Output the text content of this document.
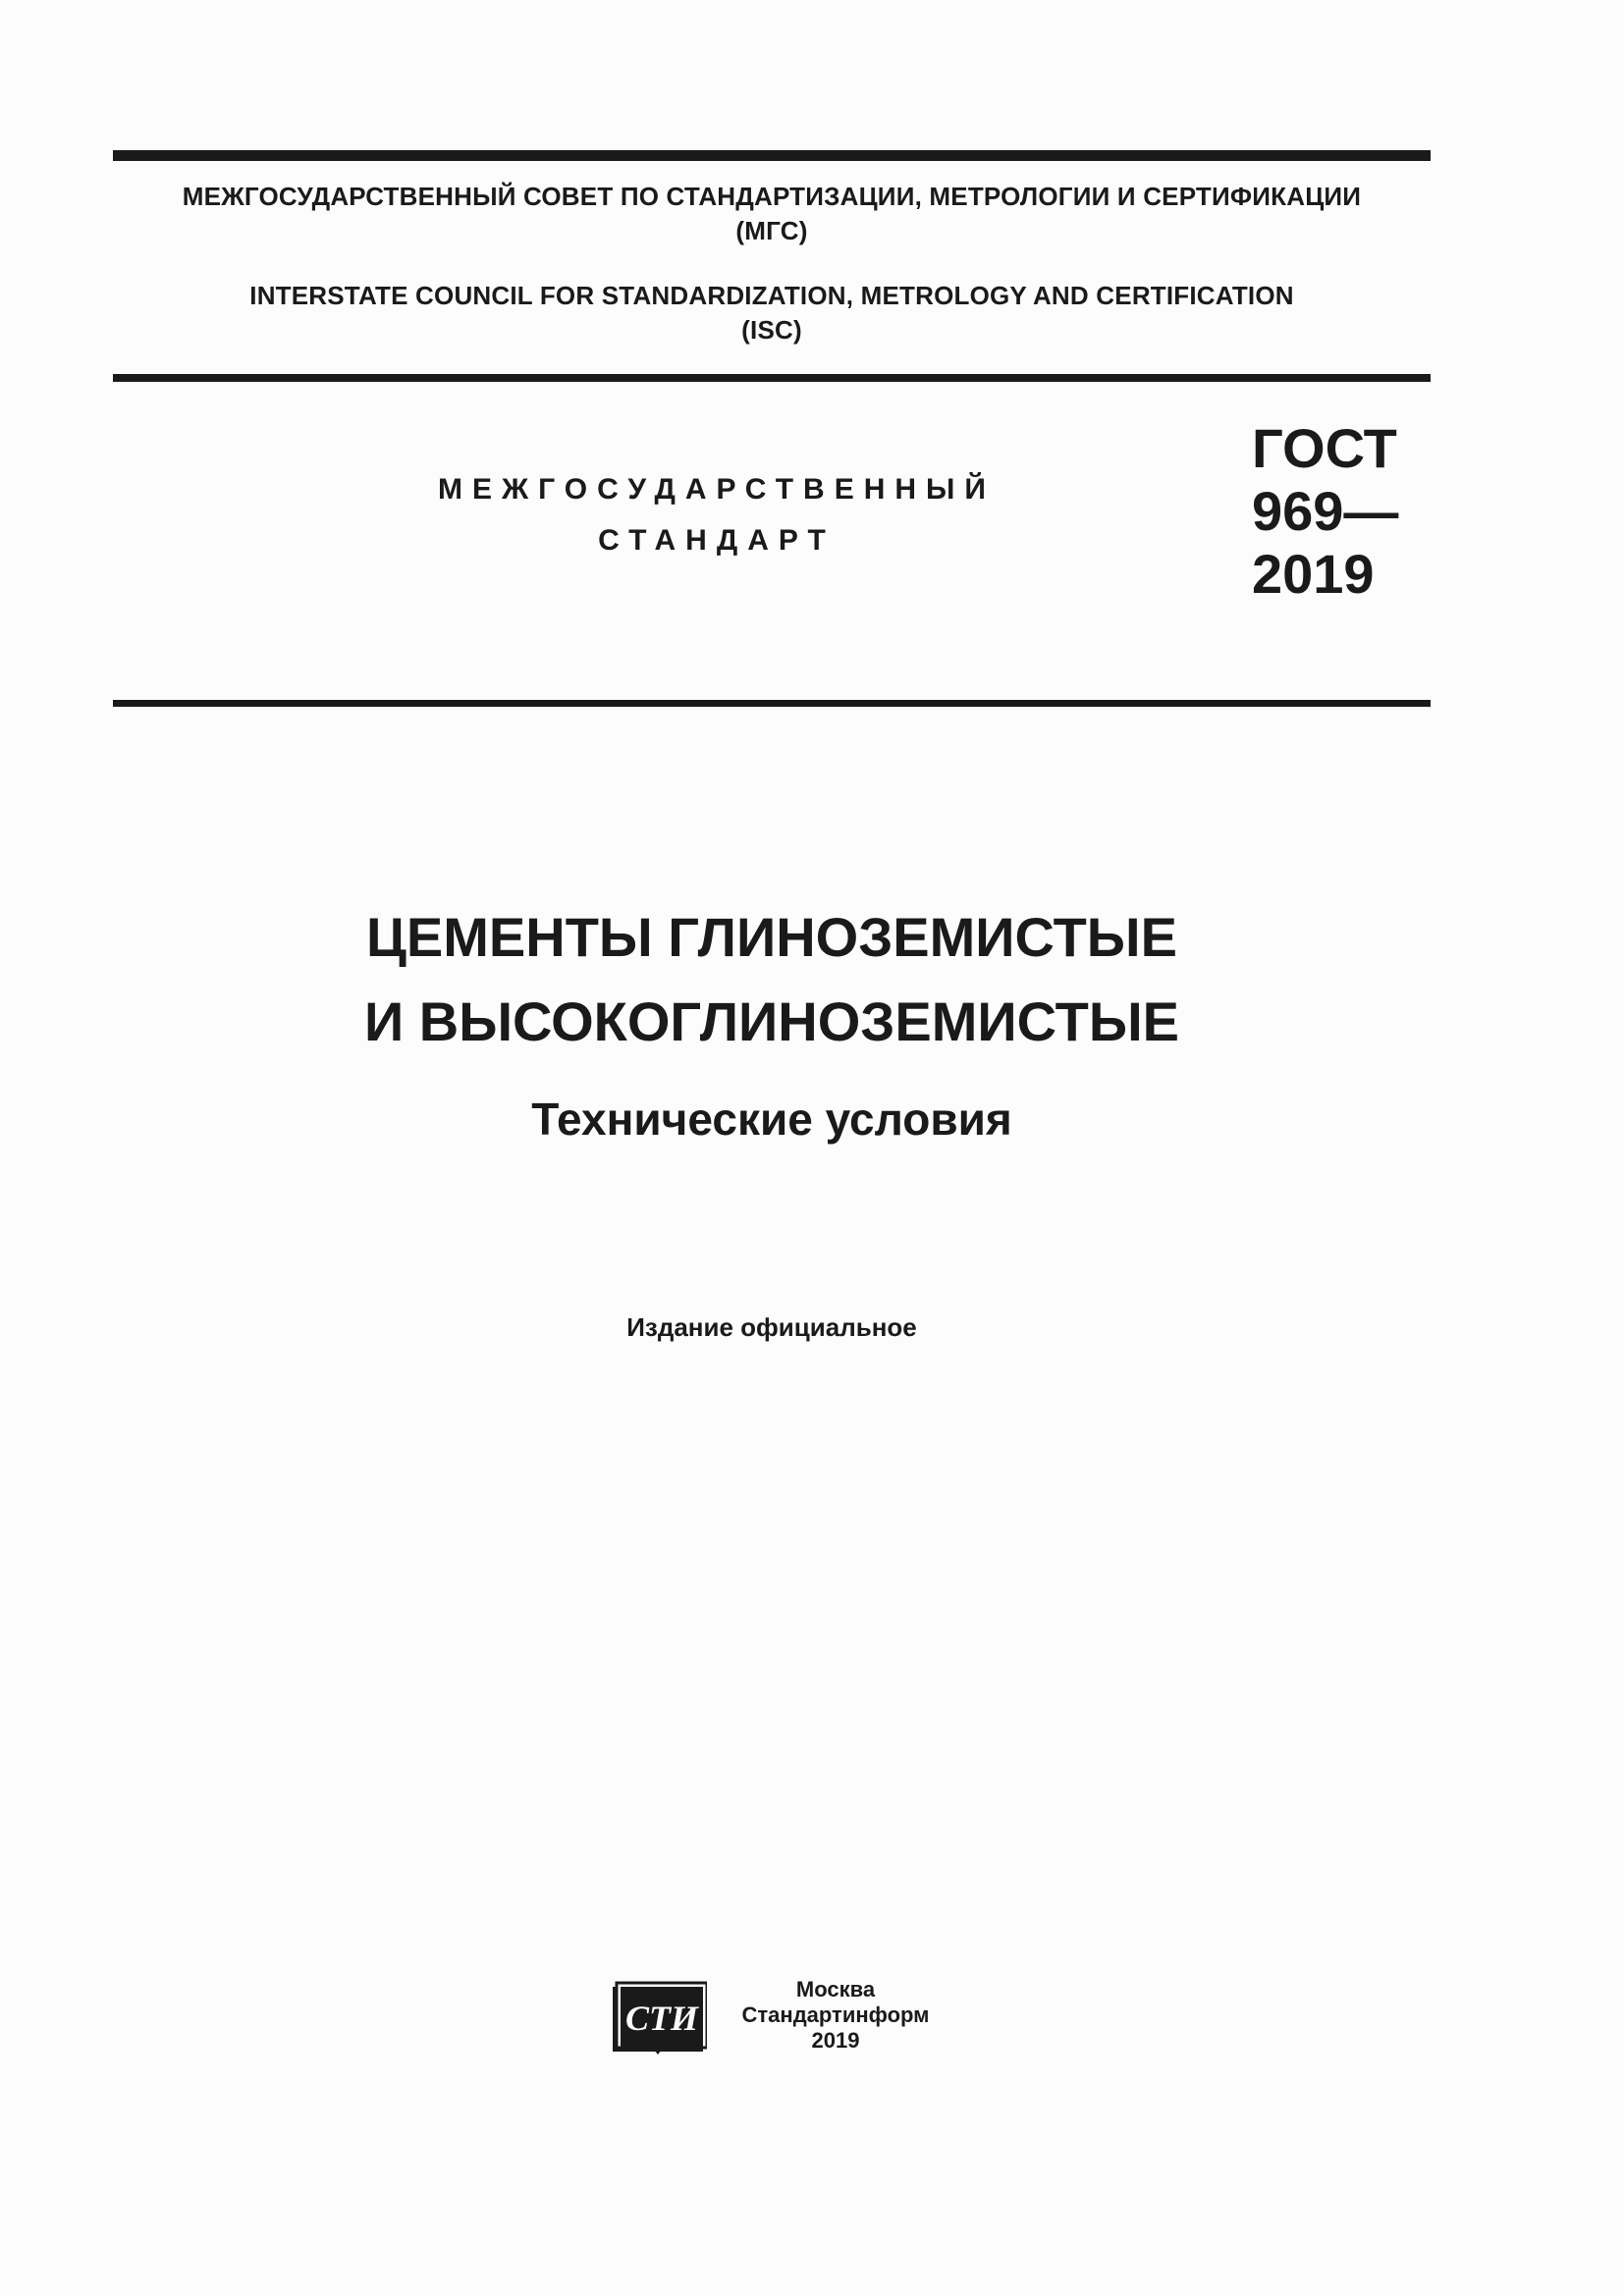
МЕЖГОСУДАРСТВЕННЫЙ СОВЕТ ПО СТАНДАРТИЗАЦИИ, МЕТРОЛОГИИ И СЕРТИФИКАЦИИ
(МГС)
INTERSTATE COUNCIL FOR STANDARDIZATION, METROLOGY AND CERTIFICATION
(ISC)
МЕЖГОСУДАРСТВЕННЫЙ
СТАНДАРТ
ГОСТ
969—
2019
ЦЕМЕНТЫ ГЛИНОЗЕМИСТЫЕ
И ВЫСОКОГЛИНОЗЕМИСТЫЕ
Технические условия
Издание официальное
СТИ
Москва
Стандартинформ
2019
